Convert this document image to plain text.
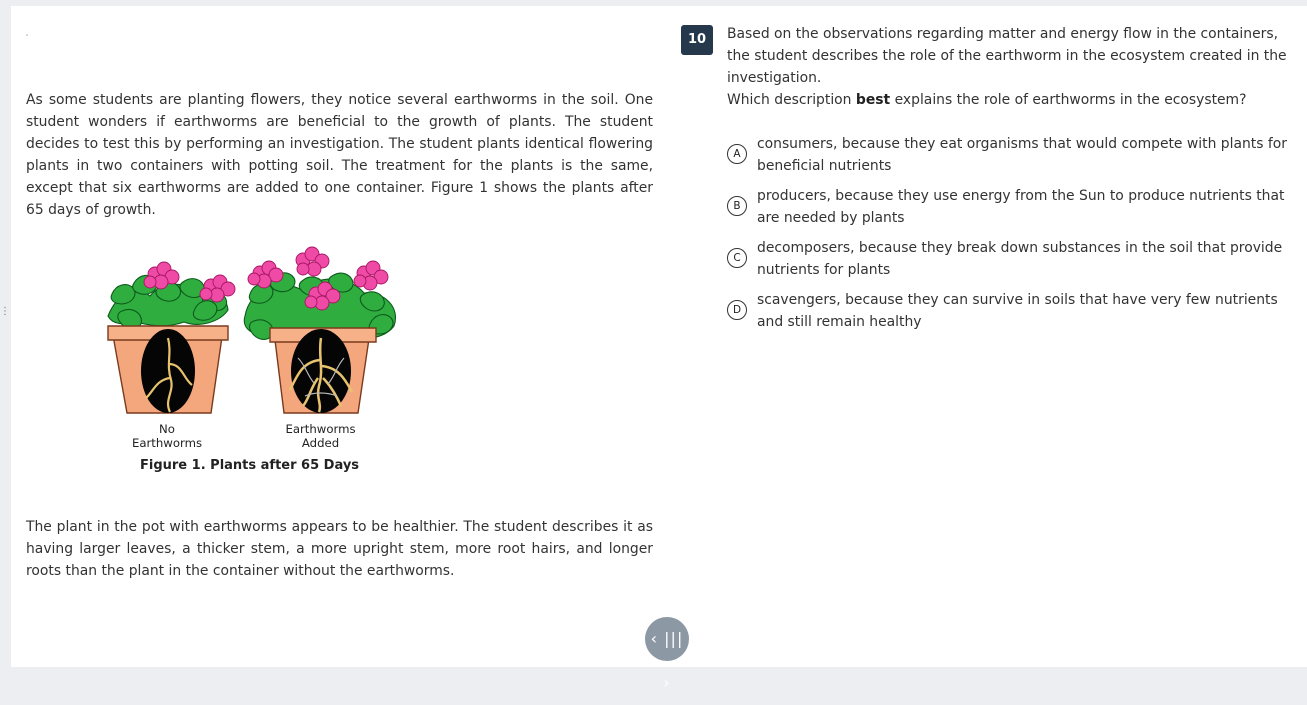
⋮

As some students are planting flowers, they notice several earthworms in the soil. One student wonders if earthworms are beneficial to the growth of plants. The student decides to test this by performing an investigation. The student plants identical flowering plants in two containers with potting soil. The treatment for the plants is the same, except that six earthworms are added to one container. Figure 1 shows the plants after 65 days of growth.

No
Earthworms
Earthworms
Added
Figure 1. Plants after 65 Days

The plant in the pot with earthworms appears to be healthier. The student describes it as having larger leaves, a thicker stem, a more upright stem, more root hairs, and longer roots than the plant in the container without the earthworms.

‹ ||| ›
10	Based on the observations regarding matter and energy flow in the containers, the student describes the role of the earthworm in the ecosystem created in the investigation.

Which description best explains the role of earthworms in the ecosystem?

A
consumers, because they eat organisms that would compete with plants for beneficial nutrients
B
producers, because they use energy from the Sun to produce nutrients that are needed by plants
C
decomposers, because they break down substances in the soil that provide nutrients for plants
D
scavengers, because they can survive in soils that have very few nutrients and still remain healthy
